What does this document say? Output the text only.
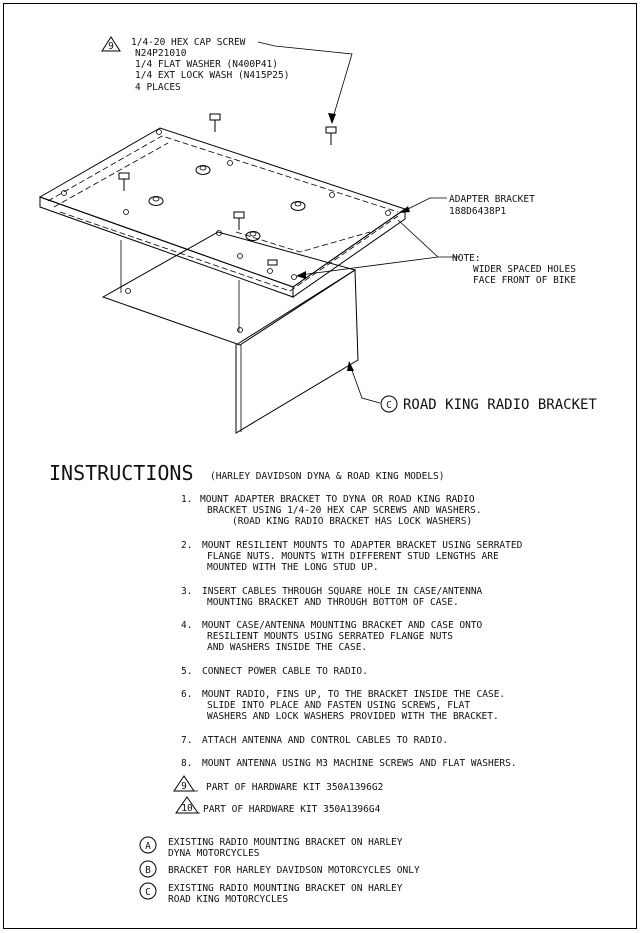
9 1/4-20 HEX CAP SCREW
N24P21010
1/4 FLAT WASHER (N400P41)
1/4 EXT LOCK WASH (N415P25)
4 PLACES
ADAPTER BRACKET
188D6438P1
NOTE:
WIDER SPACED HOLES
FACE FRONT OF BIKE
C ROAD KING RADIO BRACKET
INSTRUCTIONS (HARLEY DAVIDSON DYNA & ROAD KING MODELS)
1. MOUNT ADAPTER BRACKET TO DYNA OR ROAD KING RADIO
BRACKET USING 1/4-20 HEX CAP SCREWS AND WASHERS.
(ROAD KING RADIO BRACKET HAS LOCK WASHERS)
2. MOUNT RESILIENT MOUNTS TO ADAPTER BRACKET USING SERRATED
FLANGE NUTS. MOUNTS WITH DIFFERENT STUD LENGTHS ARE
MOUNTED WITH THE LONG STUD UP.
3. INSERT CABLES THROUGH SQUARE HOLE IN CASE/ANTENNA
MOUNTING BRACKET AND THROUGH BOTTOM OF CASE.
4. MOUNT CASE/ANTENNA MOUNTING BRACKET AND CASE ONTO
RESILIENT MOUNTS USING SERRATED FLANGE NUTS
AND WASHERS INSIDE THE CASE.
5. CONNECT POWER CABLE TO RADIO.
6. MOUNT RADIO, FINS UP, TO THE BRACKET INSIDE THE CASE.
SLIDE INTO PLACE AND FASTEN USING SCREWS, FLAT
WASHERS AND LOCK WASHERS PROVIDED WITH THE BRACKET.
7. ATTACH ANTENNA AND CONTROL CABLES TO RADIO.
8. MOUNT ANTENNA USING M3 MACHINE SCREWS AND FLAT WASHERS.
9 PART OF HARDWARE KIT 350A1396G2
10 PART OF HARDWARE KIT 350A1396G4
A EXISTING RADIO MOUNTING BRACKET ON HARLEY
DYNA MOTORCYCLES
B BRACKET FOR HARLEY DAVIDSON MOTORCYCLES ONLY
C EXISTING RADIO MOUNTING BRACKET ON HARLEY
ROAD KING MOTORCYCLES
